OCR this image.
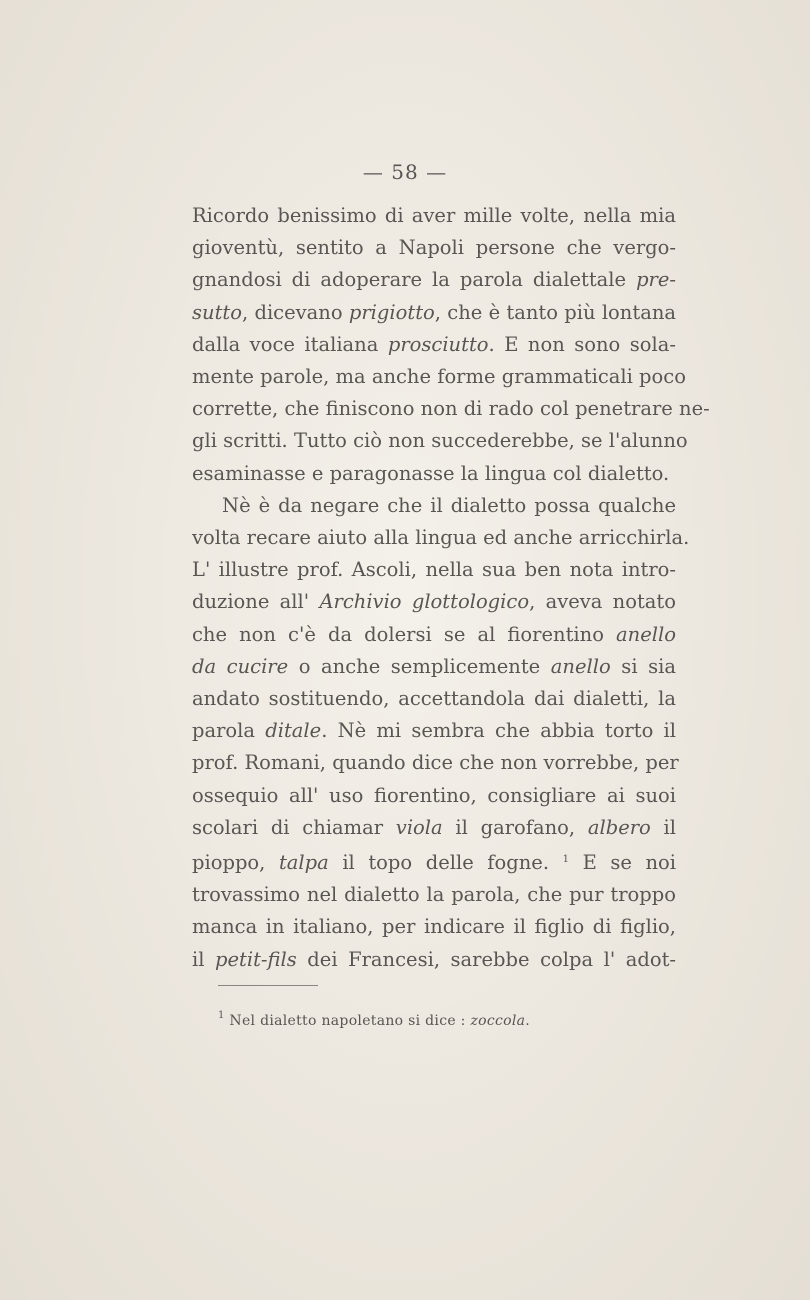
— 58 —
Ricordo benissimo di aver mille volte, nella mia
gioventù, sentito a Napoli persone che vergo-
gnandosi di adoperare la parola dialettale pre-
sutto, dicevano prigiotto, che è tanto più lontana
dalla voce italiana prosciutto. E non sono sola-
mente parole, ma anche forme grammaticali poco
corrette, che finiscono non di rado col penetrare ne-
gli scritti. Tutto ciò non succederebbe, se l'alunno
esaminasse e paragonasse la lingua col dialetto.
Nè è da negare che il dialetto possa qualche
volta recare aiuto alla lingua ed anche arricchirla.
L' illustre prof. Ascoli, nella sua ben nota intro-
duzione all' Archivio glottologico, aveva notato
che non c'è da dolersi se al fiorentino anello
da cucire o anche semplicemente anello si sia
andato sostituendo, accettandola dai dialetti, la
parola ditale. Nè mi sembra che abbia torto il
prof. Romani, quando dice che non vorrebbe, per
ossequio all' uso fiorentino, consigliare ai suoi
scolari di chiamar viola il garofano, albero il
pioppo, talpa il topo delle fogne. $^1$ E se noi
trovassimo nel dialetto la parola, che pur troppo
manca in italiano, per indicare il figlio di figlio,
il petit-fils dei Francesi, sarebbe colpa l' adot-
$^1$ Nel dialetto napoletano si dice : zoccola.
